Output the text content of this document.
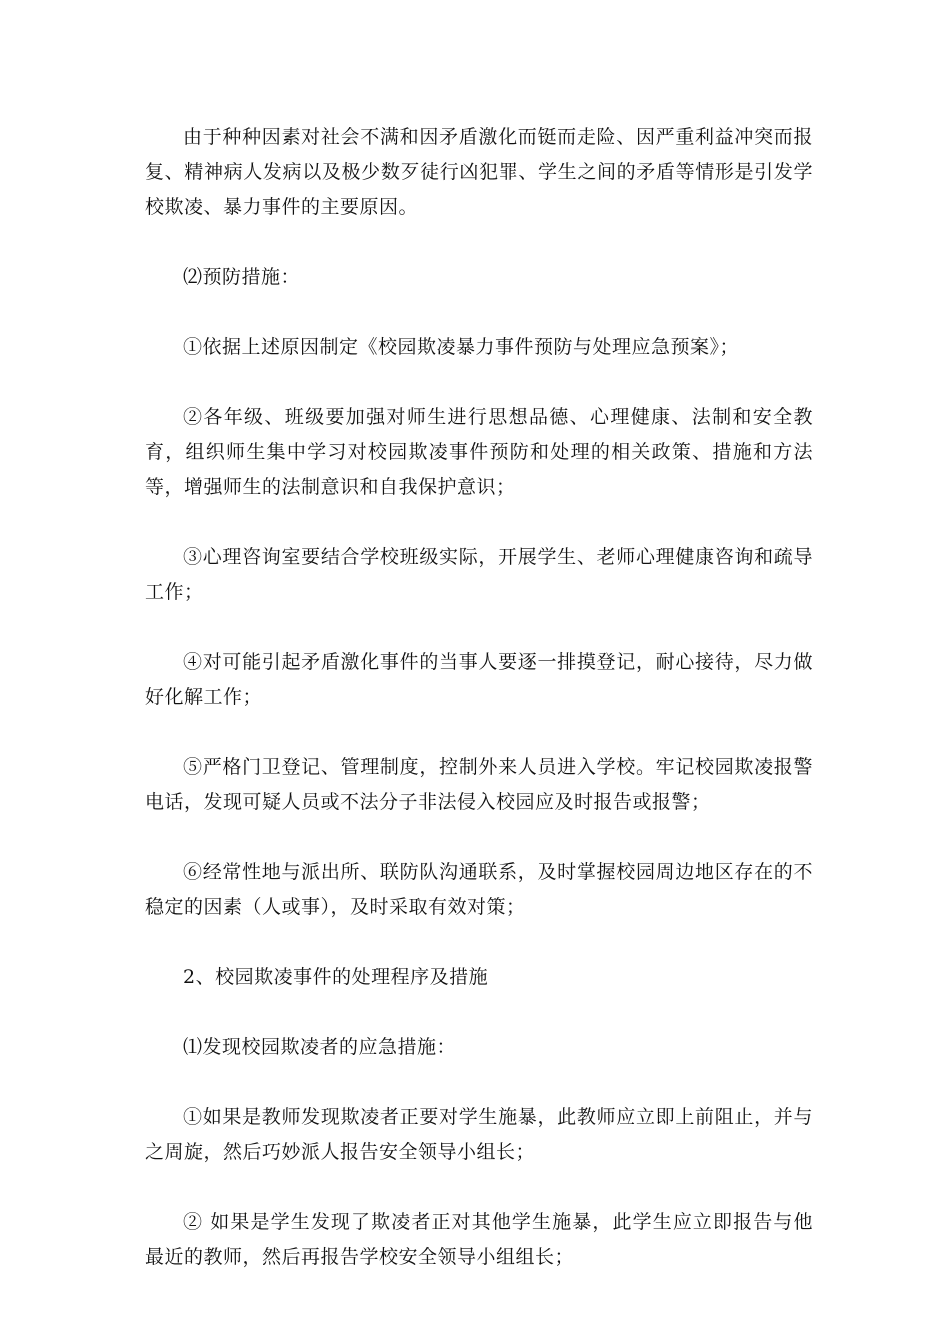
由于种种因素对社会不满和因矛盾激化而铤而走险、因严重利益冲突而报复、精神病人发病以及极少数歹徒行凶犯罪、学生之间的矛盾等情形是引发学校欺凌、暴力事件的主要原因。

⑵预防措施：

①依据上述原因制定《校园欺凌暴力事件预防与处理应急预案》；

②各年级、班级要加强对师生进行思想品德、心理健康、法制和安全教育，组织师生集中学习对校园欺凌事件预防和处理的相关政策、措施和方法等，增强师生的法制意识和自我保护意识；

③心理咨询室要结合学校班级实际，开展学生、老师心理健康咨询和疏导工作；

④对可能引起矛盾激化事件的当事人要逐一排摸登记，耐心接待，尽力做好化解工作；

⑤严格门卫登记、管理制度，控制外来人员进入学校。牢记校园欺凌报警电话，发现可疑人员或不法分子非法侵入校园应及时报告或报警；

⑥经常性地与派出所、联防队沟通联系，及时掌握校园周边地区存在的不稳定的因素（人或事），及时采取有效对策；

2、校园欺凌事件的处理程序及措施

⑴发现校园欺凌者的应急措施：

①如果是教师发现欺凌者正要对学生施暴，此教师应立即上前阻止，并与之周旋，然后巧妙派人报告安全领导小组长；

② 如果是学生发现了欺凌者正对其他学生施暴，此学生应立即报告与他最近的教师，然后再报告学校安全领导小组组长；
